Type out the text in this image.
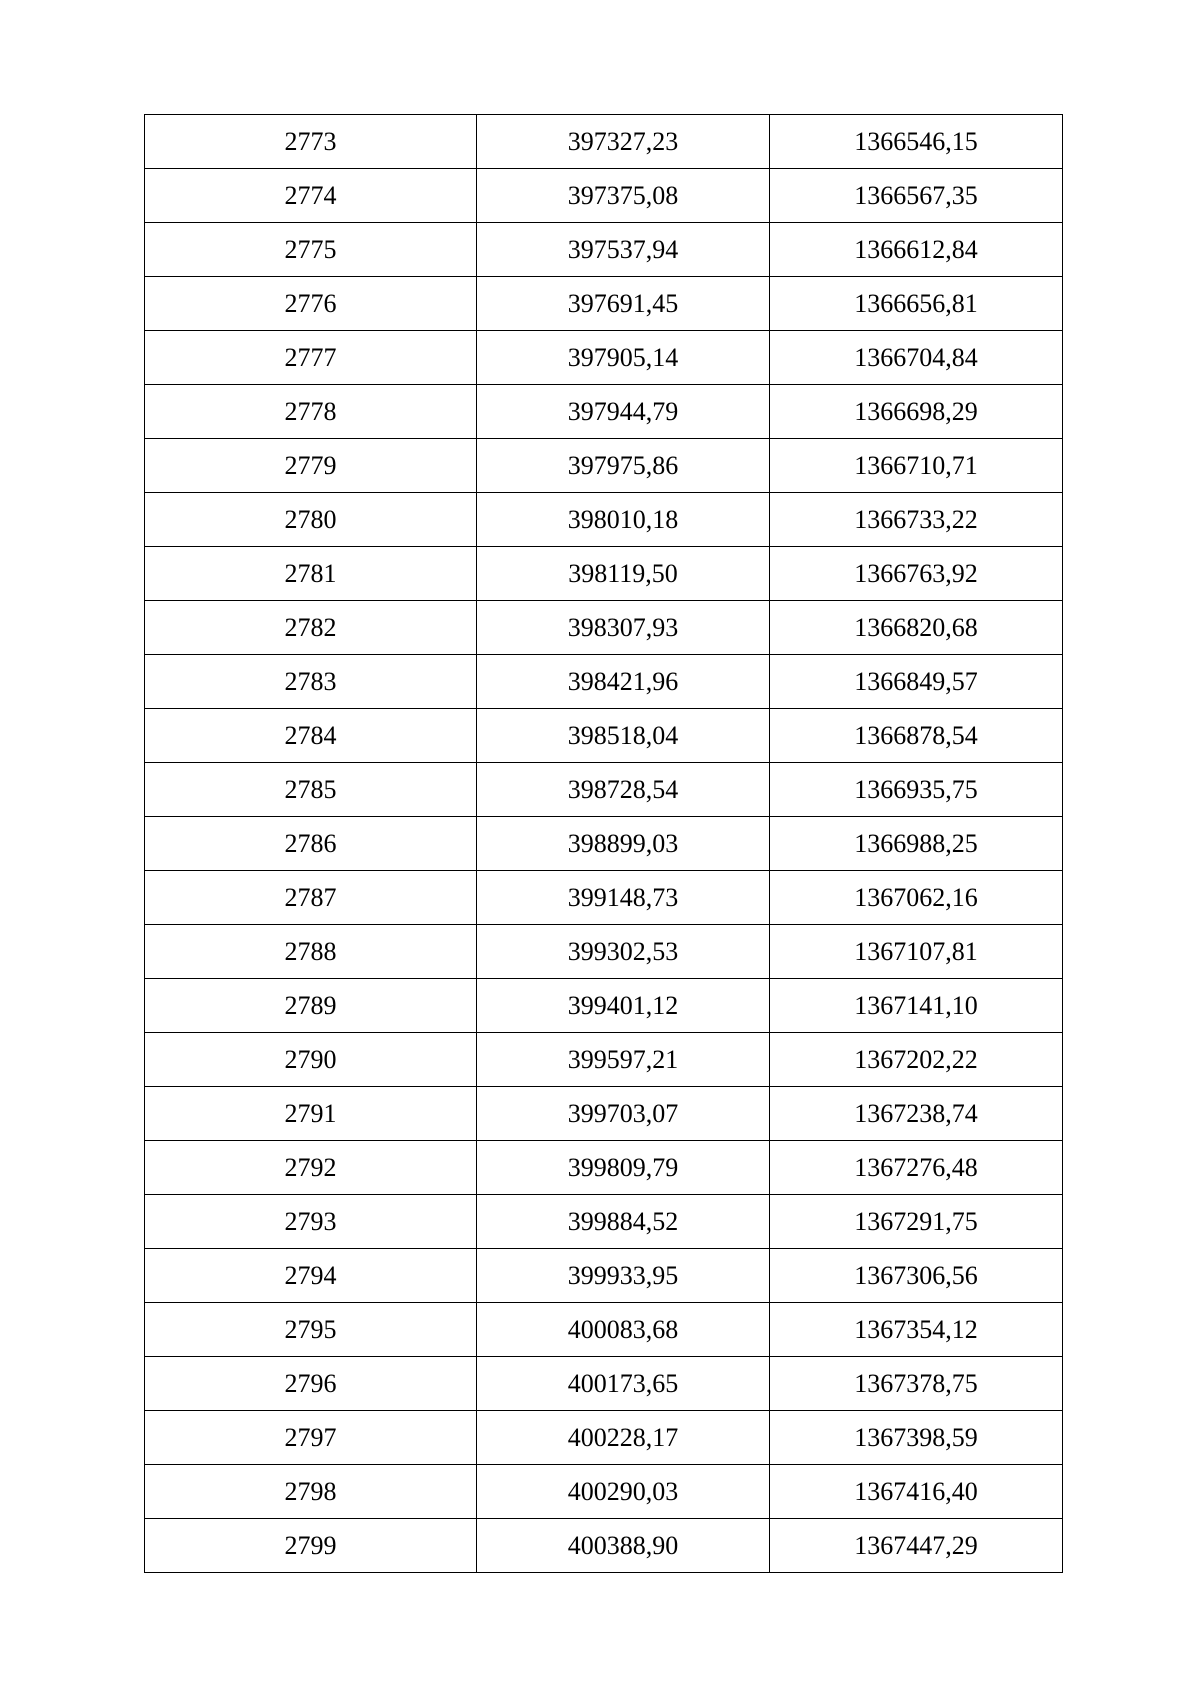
2773	397327,23	1366546,15
2774	397375,08	1366567,35
2775	397537,94	1366612,84
2776	397691,45	1366656,81
2777	397905,14	1366704,84
2778	397944,79	1366698,29
2779	397975,86	1366710,71
2780	398010,18	1366733,22
2781	398119,50	1366763,92
2782	398307,93	1366820,68
2783	398421,96	1366849,57
2784	398518,04	1366878,54
2785	398728,54	1366935,75
2786	398899,03	1366988,25
2787	399148,73	1367062,16
2788	399302,53	1367107,81
2789	399401,12	1367141,10
2790	399597,21	1367202,22
2791	399703,07	1367238,74
2792	399809,79	1367276,48
2793	399884,52	1367291,75
2794	399933,95	1367306,56
2795	400083,68	1367354,12
2796	400173,65	1367378,75
2797	400228,17	1367398,59
2798	400290,03	1367416,40
2799	400388,90	1367447,29
